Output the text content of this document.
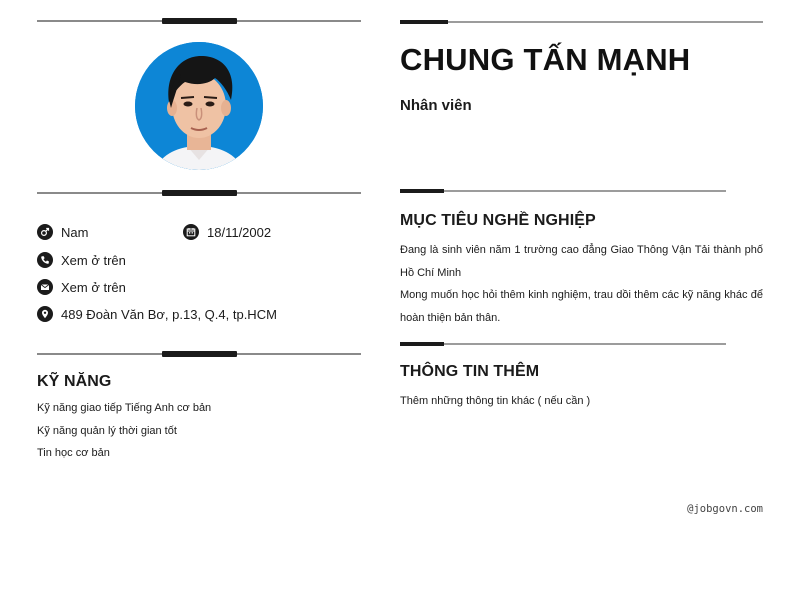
Nam	18/11/2002
Xem ở trên
Xem ở trên
489 Đoàn Văn Bơ, p.13, Q.4, tp.HCM
KỸ NĂNG
Kỹ năng giao tiếp Tiếng Anh cơ bản
Kỹ năng quản lý thời gian tốt
Tin học cơ bản
CHUNG TẤN MẠNH
Nhân viên
MỤC TIÊU NGHỀ NGHIỆP

Đang là sinh viên năm 1 trường cao đẳng Giao Thông Vận Tải thành phố Hồ Chí Minh

Mong muốn học hỏi thêm kinh nghiệm, trau dồi thêm các kỹ năng khác để hoàn thiện bản thân.

THÔNG TIN THÊM
Thêm những thông tin khác ( nếu cần )
@jobgovn.com
